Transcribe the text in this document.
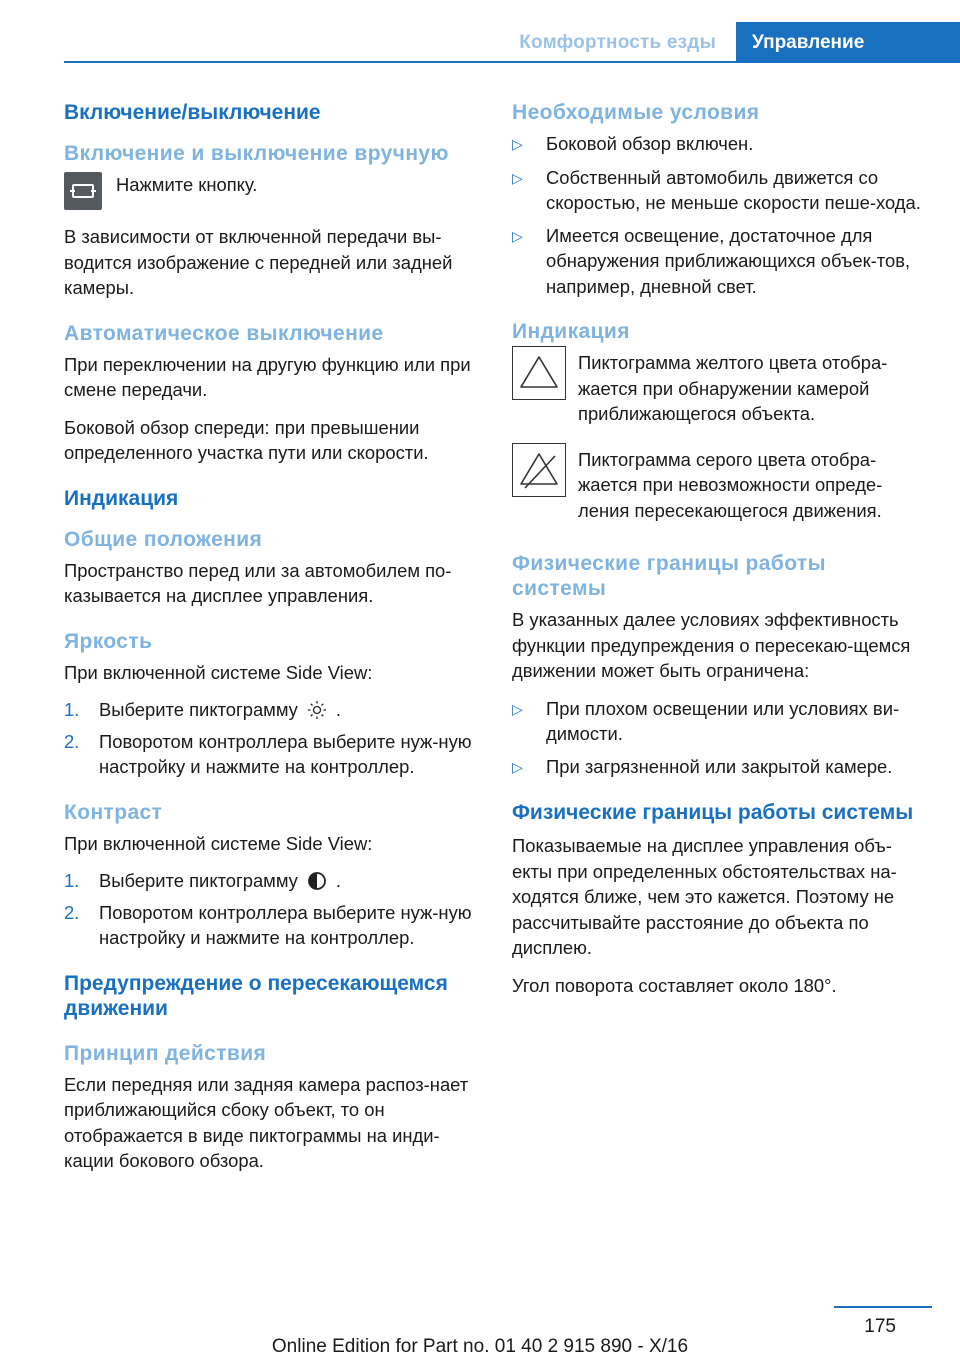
Комфортность езды	Управление
Включение/выключение
Включение и выключение вручную

Нажмите кнопку.

В зависимости от включенной передачи вы-водится изображение с передней или задней камеры.

Автоматическое выключение

При переключении на другую функцию или при смене передачи.

Боковой обзор спереди: при превышении определенного участка пути или скорости.

Индикация
Общие положения

Пространство перед или за автомобилем по-казывается на дисплее управления.

Яркость

При включенной системе Side View:

1.	Выберите пиктограмму .
2.	Поворотом контроллера выберите нуж-ную настройку и нажмите на контроллер.
Контраст

При включенной системе Side View:

1.	Выберите пиктограмму .
2.	Поворотом контроллера выберите нуж-ную настройку и нажмите на контроллер.
Предупреждение о пересекающемся движении
Принцип действия

Если передняя или задняя камера распоз-нает приближающийся сбоку объект, то он отображается в виде пиктограммы на инди-кации бокового обзора.

Необходимые условия
▷	Боковой обзор включен.
▷	Собственный автомобиль движется со скоростью, не меньше скорости пеше-хода.
▷	Имеется освещение, достаточное для обнаружения приближающихся объек-тов, например, дневной свет.
Индикация

Пиктограмма желтого цвета отобра-жается при обнаружении камерой приближающегося объекта.

Пиктограмма серого цвета отобра-жается при невозможности опреде-ления пересекающегося движения.

Физические границы работы системы

В указанных далее условиях эффективность функции предупреждения о пересекаю-щемся движении может быть ограничена:

▷	При плохом освещении или условиях ви-димости.
▷	При загрязненной или закрытой камере.
Физические границы работы системы

Показываемые на дисплее управления объ-екты при определенных обстоятельствах на-ходятся ближе, чем это кажется. Поэтому не рассчитывайте расстояние до объекта по дисплею.

Угол поворота составляет около 180°.

175
Online Edition for Part no. 01 40 2 915 890 - X/16
